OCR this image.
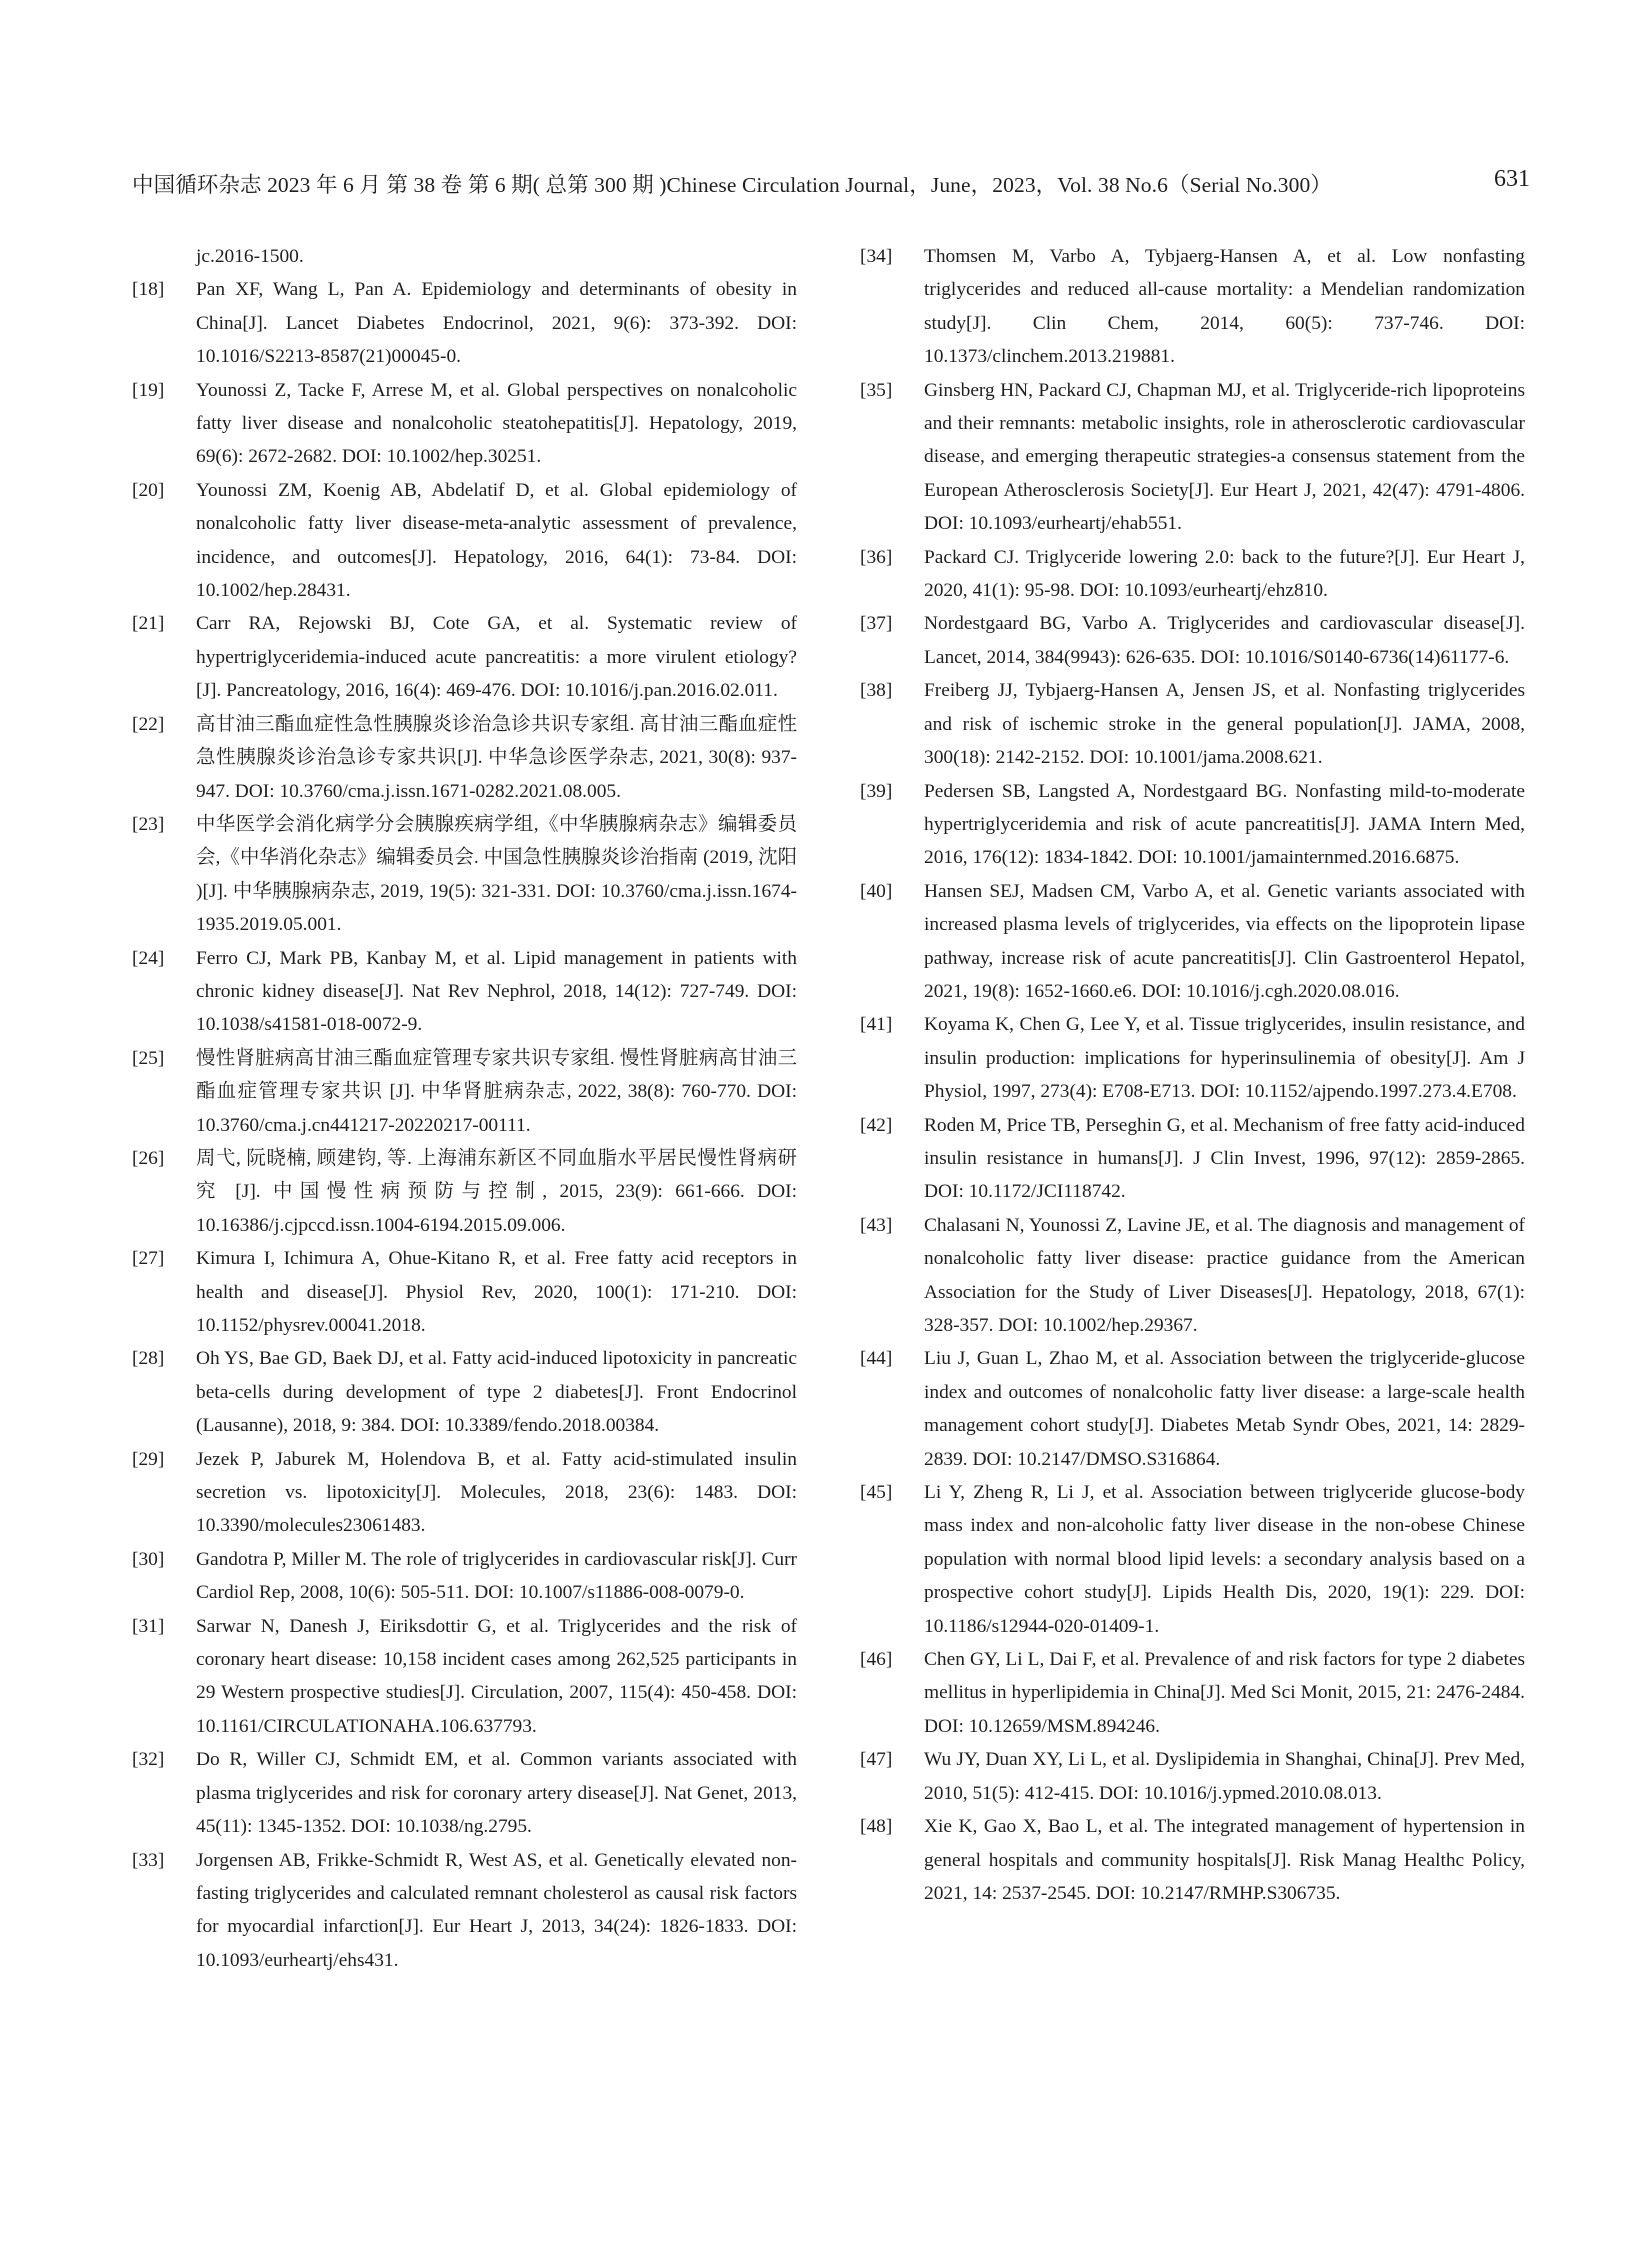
中国循环杂志 2023 年 6 月 第 38 卷 第 6 期( 总第 300 期 )Chinese Circulation Journal，June，2023，Vol. 38 No.6（Serial No.300）	631

jc.2016-1500.

[18] Pan XF, Wang L, Pan A. Epidemiology and determinants of obesity in China[J]. Lancet Diabetes Endocrinol, 2021, 9(6): 373-392. DOI: 10.1016/S2213-8587(21)00045-0.

[19] Younossi Z, Tacke F, Arrese M, et al. Global perspectives on nonalcoholic fatty liver disease and nonalcoholic steatohepatitis[J]. Hepatology, 2019, 69(6): 2672-2682. DOI: 10.1002/hep.30251.

[20] Younossi ZM, Koenig AB, Abdelatif D, et al. Global epidemiology of nonalcoholic fatty liver disease-meta-analytic assessment of prevalence, incidence, and outcomes[J]. Hepatology, 2016, 64(1): 73-84. DOI: 10.1002/hep.28431.

[21] Carr RA, Rejowski BJ, Cote GA, et al. Systematic review of hypertriglyceridemia-induced acute pancreatitis: a more virulent etiology?[J]. Pancreatology, 2016, 16(4): 469-476. DOI: 10.1016/j.pan.2016.02.011.

[22] 高甘油三酯血症性急性胰腺炎诊治急诊共识专家组. 高甘油三酯血症性急性胰腺炎诊治急诊专家共识[J]. 中华急诊医学杂志, 2021, 30(8): 937-947. DOI: 10.3760/cma.j.issn.1671-0282.2021.08.005.

[23] 中华医学会消化病学分会胰腺疾病学组,《中华胰腺病杂志》编辑委员会,《中华消化杂志》编辑委员会. 中国急性胰腺炎诊治指南 (2019, 沈阳 )[J]. 中华胰腺病杂志, 2019, 19(5): 321-331. DOI: 10.3760/cma.j.issn.1674-1935.2019.05.001.

[24] Ferro CJ, Mark PB, Kanbay M, et al. Lipid management in patients with chronic kidney disease[J]. Nat Rev Nephrol, 2018, 14(12): 727-749. DOI: 10.1038/s41581-018-0072-9.

[25] 慢性肾脏病高甘油三酯血症管理专家共识专家组. 慢性肾脏病高甘油三酯血症管理专家共识 [J]. 中华肾脏病杂志, 2022, 38(8): 760-770. DOI: 10.3760/cma.j.cn441217-20220217-00111.

[26] 周弋, 阮晓楠, 顾建钧, 等. 上海浦东新区不同血脂水平居民慢性肾病研究 [J]. 中国慢性病预防与控制, 2015, 23(9): 661-666. DOI: 10.16386/j.cjpccd.issn.1004-6194.2015.09.006.

[27] Kimura I, Ichimura A, Ohue-Kitano R, et al. Free fatty acid receptors in health and disease[J]. Physiol Rev, 2020, 100(1): 171-210. DOI: 10.1152/physrev.00041.2018.

[28] Oh YS, Bae GD, Baek DJ, et al. Fatty acid-induced lipotoxicity in pancreatic beta-cells during development of type 2 diabetes[J]. Front Endocrinol (Lausanne), 2018, 9: 384. DOI: 10.3389/fendo.2018.00384.

[29] Jezek P, Jaburek M, Holendova B, et al. Fatty acid-stimulated insulin secretion vs. lipotoxicity[J]. Molecules, 2018, 23(6): 1483. DOI: 10.3390/molecules23061483.

[30] Gandotra P, Miller M. The role of triglycerides in cardiovascular risk[J]. Curr Cardiol Rep, 2008, 10(6): 505-511. DOI: 10.1007/s11886-008-0079-0.

[31] Sarwar N, Danesh J, Eiriksdottir G, et al. Triglycerides and the risk of coronary heart disease: 10,158 incident cases among 262,525 participants in 29 Western prospective studies[J]. Circulation, 2007, 115(4): 450-458. DOI: 10.1161/CIRCULATIONAHA.106.637793.

[32] Do R, Willer CJ, Schmidt EM, et al. Common variants associated with plasma triglycerides and risk for coronary artery disease[J]. Nat Genet, 2013, 45(11): 1345-1352. DOI: 10.1038/ng.2795.

[33] Jorgensen AB, Frikke-Schmidt R, West AS, et al. Genetically elevated non-fasting triglycerides and calculated remnant cholesterol as causal risk factors for myocardial infarction[J]. Eur Heart J, 2013, 34(24): 1826-1833. DOI: 10.1093/eurheartj/ehs431.

[34] Thomsen M, Varbo A, Tybjaerg-Hansen A, et al. Low nonfasting triglycerides and reduced all-cause mortality: a Mendelian randomization study[J]. Clin Chem, 2014, 60(5): 737-746. DOI: 10.1373/clinchem.2013.219881.

[35] Ginsberg HN, Packard CJ, Chapman MJ, et al. Triglyceride-rich lipoproteins and their remnants: metabolic insights, role in atherosclerotic cardiovascular disease, and emerging therapeutic strategies-a consensus statement from the European Atherosclerosis Society[J]. Eur Heart J, 2021, 42(47): 4791-4806. DOI: 10.1093/eurheartj/ehab551.

[36] Packard CJ. Triglyceride lowering 2.0: back to the future?[J]. Eur Heart J, 2020, 41(1): 95-98. DOI: 10.1093/eurheartj/ehz810.

[37] Nordestgaard BG, Varbo A. Triglycerides and cardiovascular disease[J]. Lancet, 2014, 384(9943): 626-635. DOI: 10.1016/S0140-6736(14)61177-6.

[38] Freiberg JJ, Tybjaerg-Hansen A, Jensen JS, et al. Nonfasting triglycerides and risk of ischemic stroke in the general population[J]. JAMA, 2008, 300(18): 2142-2152. DOI: 10.1001/jama.2008.621.

[39] Pedersen SB, Langsted A, Nordestgaard BG. Nonfasting mild-to-moderate hypertriglyceridemia and risk of acute pancreatitis[J]. JAMA Intern Med, 2016, 176(12): 1834-1842. DOI: 10.1001/jamainternmed.2016.6875.

[40] Hansen SEJ, Madsen CM, Varbo A, et al. Genetic variants associated with increased plasma levels of triglycerides, via effects on the lipoprotein lipase pathway, increase risk of acute pancreatitis[J]. Clin Gastroenterol Hepatol, 2021, 19(8): 1652-1660.e6. DOI: 10.1016/j.cgh.2020.08.016.

[41] Koyama K, Chen G, Lee Y, et al. Tissue triglycerides, insulin resistance, and insulin production: implications for hyperinsulinemia of obesity[J]. Am J Physiol, 1997, 273(4): E708-E713. DOI: 10.1152/ajpendo.1997.273.4.E708.

[42] Roden M, Price TB, Perseghin G, et al. Mechanism of free fatty acid-induced insulin resistance in humans[J]. J Clin Invest, 1996, 97(12): 2859-2865. DOI: 10.1172/JCI118742.

[43] Chalasani N, Younossi Z, Lavine JE, et al. The diagnosis and management of nonalcoholic fatty liver disease: practice guidance from the American Association for the Study of Liver Diseases[J]. Hepatology, 2018, 67(1): 328-357. DOI: 10.1002/hep.29367.

[44] Liu J, Guan L, Zhao M, et al. Association between the triglyceride-glucose index and outcomes of nonalcoholic fatty liver disease: a large-scale health management cohort study[J]. Diabetes Metab Syndr Obes, 2021, 14: 2829-2839. DOI: 10.2147/DMSO.S316864.

[45] Li Y, Zheng R, Li J, et al. Association between triglyceride glucose-body mass index and non-alcoholic fatty liver disease in the non-obese Chinese population with normal blood lipid levels: a secondary analysis based on a prospective cohort study[J]. Lipids Health Dis, 2020, 19(1): 229. DOI: 10.1186/s12944-020-01409-1.

[46] Chen GY, Li L, Dai F, et al. Prevalence of and risk factors for type 2 diabetes mellitus in hyperlipidemia in China[J]. Med Sci Monit, 2015, 21: 2476-2484. DOI: 10.12659/MSM.894246.

[47] Wu JY, Duan XY, Li L, et al. Dyslipidemia in Shanghai, China[J]. Prev Med, 2010, 51(5): 412-415. DOI: 10.1016/j.ypmed.2010.08.013.

[48] Xie K, Gao X, Bao L, et al. The integrated management of hypertension in general hospitals and community hospitals[J]. Risk Manag Healthc Policy, 2021, 14: 2537-2545. DOI: 10.2147/RMHP.S306735.
